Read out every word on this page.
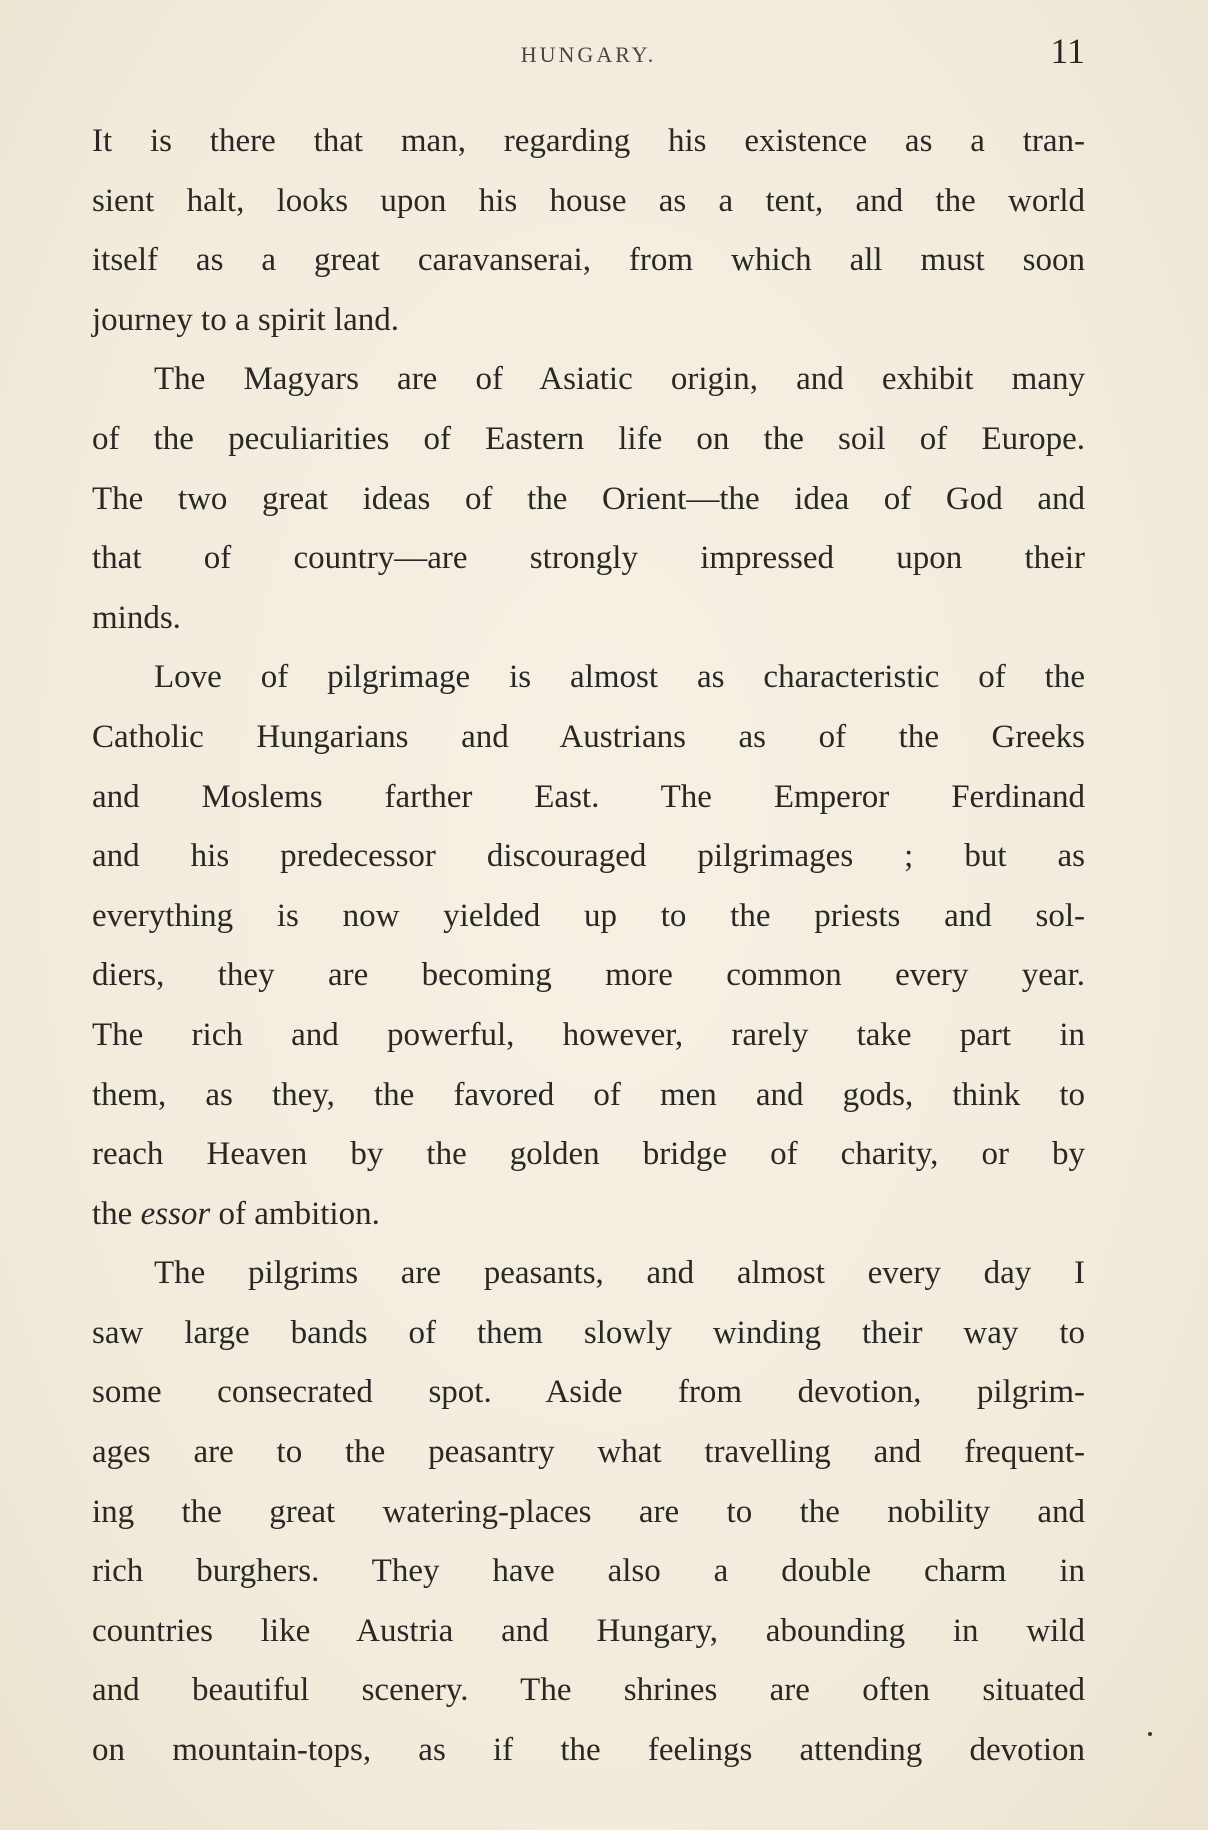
HUNGARY.	11
It is there that man, regarding his existence as a tran-
sient halt, looks upon his house as a tent, and the world
itself as a great caravanserai, from which all must soon
journey to a spirit land.
The Magyars are of Asiatic origin, and exhibit many
of the peculiarities of Eastern life on the soil of Europe.
The two great ideas of the Orient—the idea of God and
that of country—are strongly impressed upon their
minds.
Love of pilgrimage is almost as characteristic of the
Catholic Hungarians and Austrians as of the Greeks
and Moslems farther East. The Emperor Ferdinand
and his predecessor discouraged pilgrimages ; but as
everything is now yielded up to the priests and sol-
diers, they are becoming more common every year.
The rich and powerful, however, rarely take part in
them, as they, the favored of men and gods, think to
reach Heaven by the golden bridge of charity, or by
the essor of ambition.
The pilgrims are peasants, and almost every day I
saw large bands of them slowly winding their way to
some consecrated spot. Aside from devotion, pilgrim-
ages are to the peasantry what travelling and frequent-
ing the great watering-places are to the nobility and
rich burghers. They have also a double charm in
countries like Austria and Hungary, abounding in wild
and beautiful scenery. The shrines are often situated
on mountain-tops, as if the feelings attending devotion
